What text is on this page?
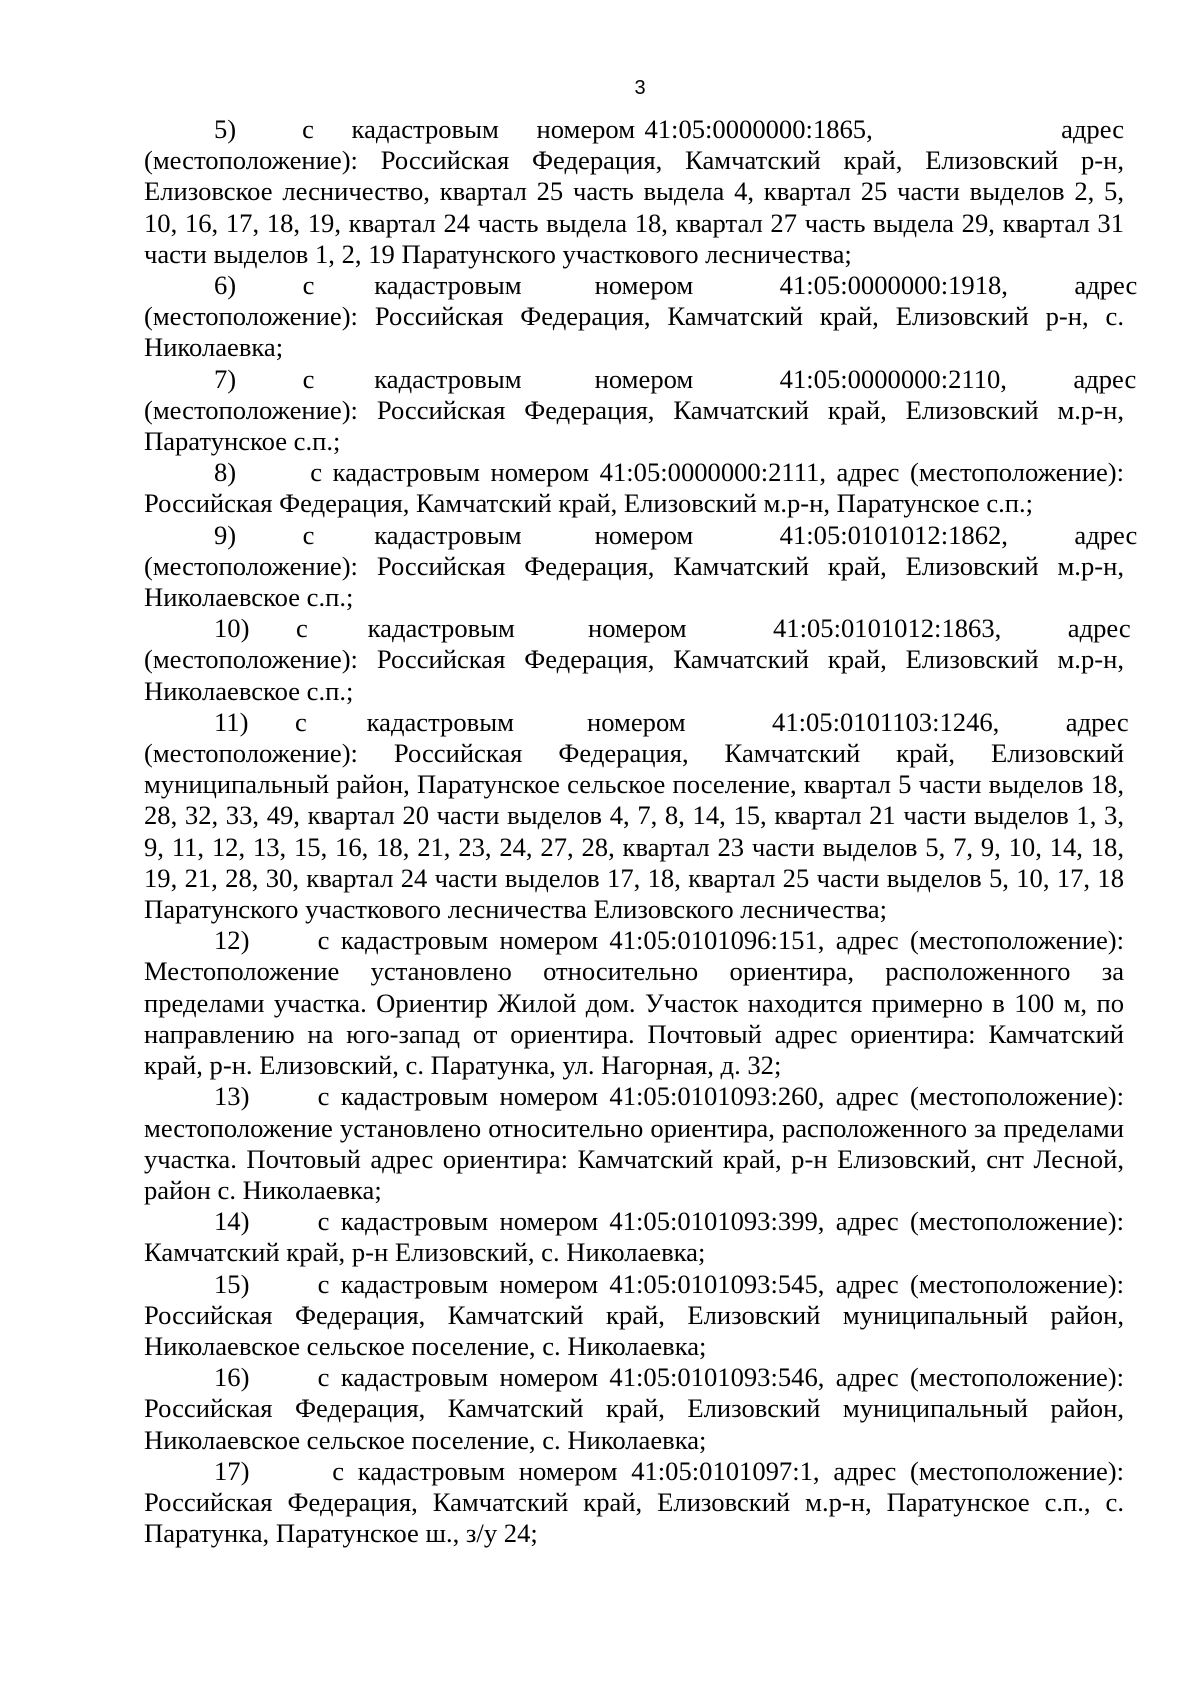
3

5)       с    кадастровым    номером 41:05:0000000:1865,                    адрес

(местоположение): Российская Федерация, Камчатский край, Елизовский р-н, Елизовское лесничество, квартал 25 часть выдела 4, квартал 25 части выделов 2, 5, 10, 16, 17, 18, 19, квартал 24 часть выдела 18, квартал 27 часть выдела 29, квартал 31 части выделов 1, 2, 19 Паратунского участкового лесничества;

6)          с         кадастровым           номером             41:05:0000000:1918,          адрес

(местоположение): Российская Федерация, Камчатский край, Елизовский р-н, с. Николаевка;

7)          с         кадастровым           номером             41:05:0000000:2110,          адрес

(местоположение): Российская Федерация, Камчатский край, Елизовский м.р-н, Паратунское с.п.;

8)       с кадастровым номером 41:05:0000000:2111, адрес (местоположение):

Российская Федерация, Камчатский край, Елизовский м.р-н, Паратунское с.п.;

9)          с         кадастровым           номером             41:05:0101012:1862,          адрес

(местоположение): Российская Федерация, Камчатский край, Елизовский м.р-н, Николаевское с.п.;

10)       с         кадастровым           номером             41:05:0101012:1863,          адрес

(местоположение): Российская Федерация, Камчатский край, Елизовский м.р-н, Николаевское с.п.;

11)       с         кадастровым           номером             41:05:0101103:1246,          адрес

(местоположение): Российская Федерация, Камчатский край, Елизовский муниципальный район, Паратунское сельское поселение, квартал 5 части выделов 18, 28, 32, 33, 49, квартал 20 части выделов 4, 7, 8, 14, 15, квартал 21 части выделов 1, 3, 9, 11, 12, 13, 15, 16, 18, 21, 23, 24, 27, 28, квартал 23 части выделов 5, 7, 9, 10, 14, 18, 19, 21, 28, 30, квартал 24 части выделов 17, 18, квартал 25 части выделов 5, 10, 17, 18 Паратунского участкового лесничества Елизовского лесничества;

12)      с кадастровым номером 41:05:0101096:151, адрес (местоположение): Местоположение установлено относительно ориентира, расположенного за пределами участка. Ориентир Жилой дом. Участок находится примерно в 100 м, по направлению на юго-запад от ориентира. Почтовый адрес ориентира: Камчатский край, р-н. Елизовский, с. Паратунка, ул. Нагорная, д. 32;

13)      с кадастровым номером 41:05:0101093:260, адрес (местоположение): местоположение установлено относительно ориентира, расположенного за пределами участка. Почтовый адрес ориентира: Камчатский край, р-н Елизовский, снт Лесной, район с. Николаевка;

14)      с кадастровым номером 41:05:0101093:399, адрес (местоположение): Камчатский край, р-н Елизовский, с. Николаевка;

15)      с кадастровым номером 41:05:0101093:545, адрес (местоположение): Российская Федерация, Камчатский край, Елизовский муниципальный район, Николаевское сельское поселение, с. Николаевка;

16)      с кадастровым номером 41:05:0101093:546, адрес (местоположение): Российская Федерация, Камчатский край, Елизовский муниципальный район, Николаевское сельское поселение, с. Николаевка;

17)      с кадастровым номером 41:05:0101097:1, адрес (местоположение): Российская Федерация, Камчатский край, Елизовский м.р-н, Паратунское с.п., с. Паратунка, Паратунское ш., з/у 24;
